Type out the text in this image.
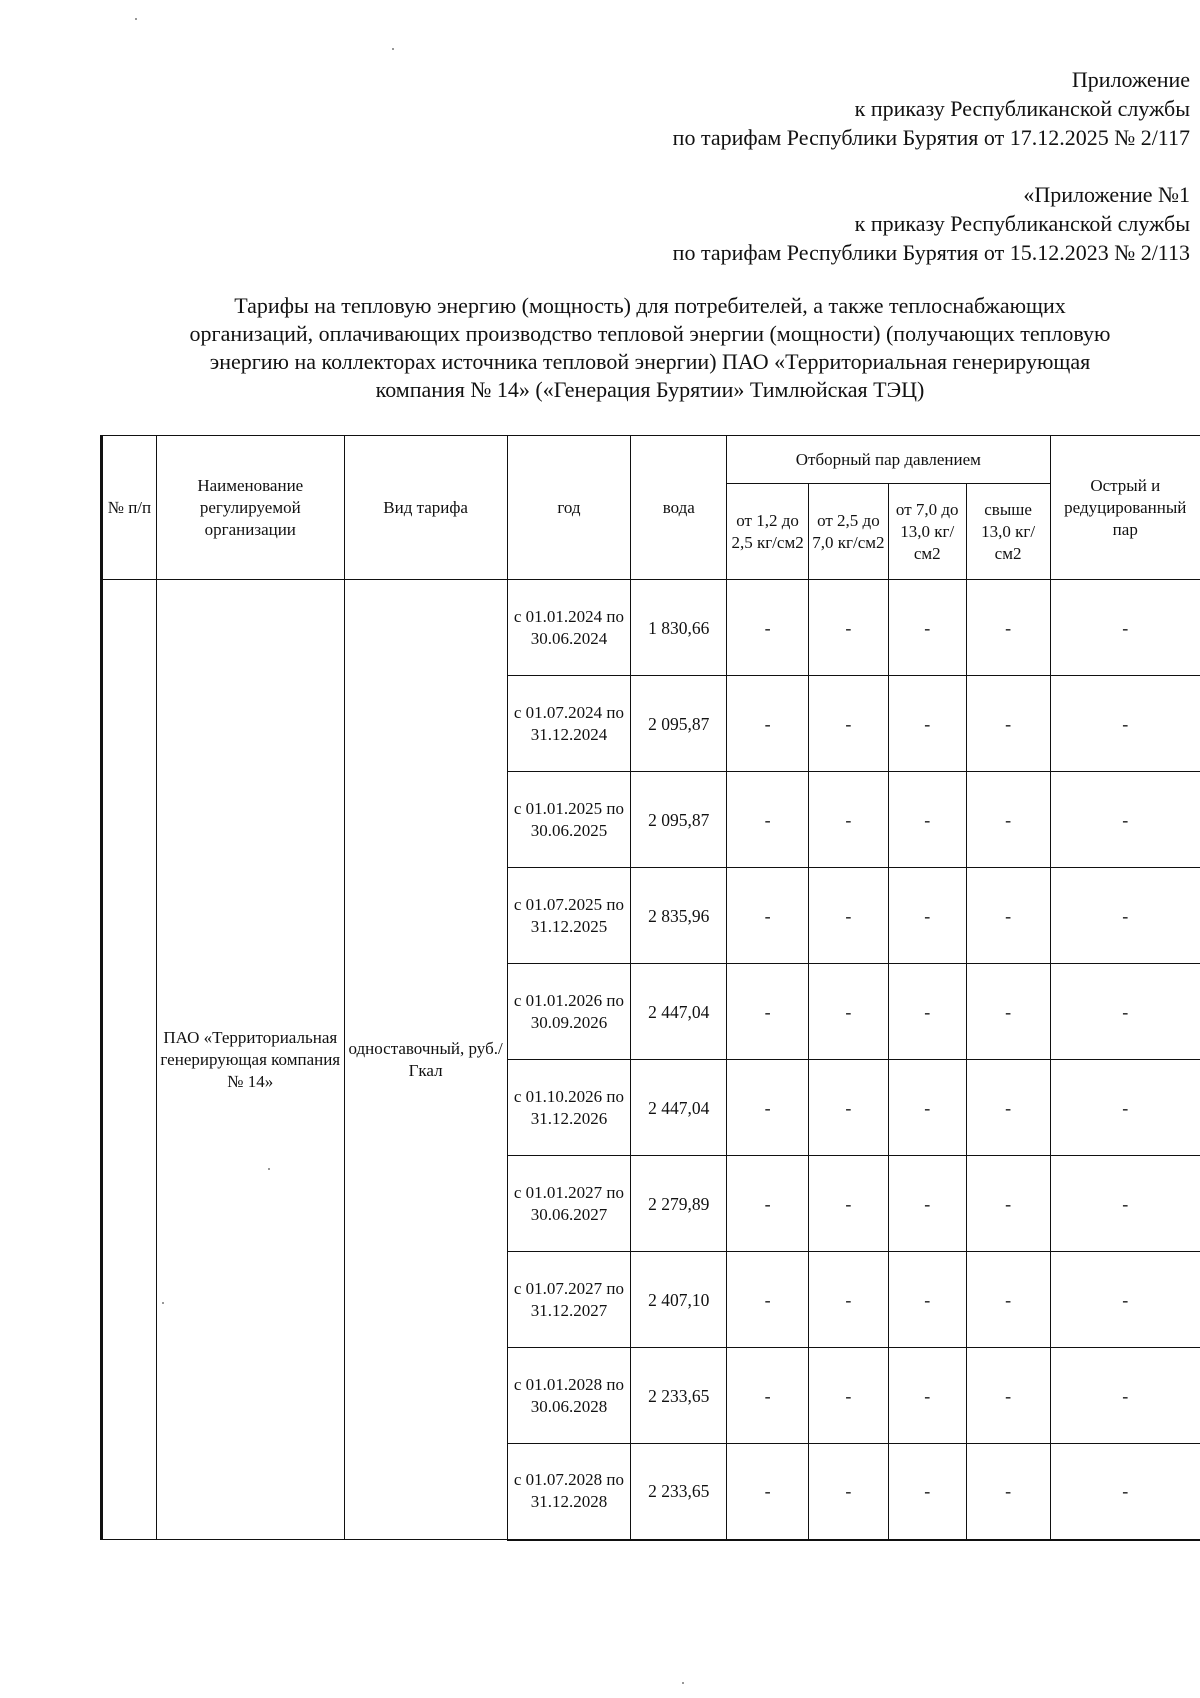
Приложение
к приказу Республиканской службы
по тарифам Республики Бурятия от 17.12.2025 № 2/117
«Приложение №1
к приказу Республиканской службы
по тарифам Республики Бурятия от 15.12.2023 № 2/113
Тарифы на тепловую энергию (мощность) для потребителей, а также теплоснабжающих
организаций, оплачивающих производство тепловой энергии (мощности) (получающих тепловую
энергию на коллекторах источника тепловой энергии) ПАО «Территориальная генерирующая
компания № 14» («Генерация Бурятии» Тимлюйская ТЭЦ)
№ п/п	Наименование регулируемой организации	Вид тарифа	год	вода	Отборный пар давлением				Острый и редуцированный пар
					от 1,2 до 2,5 кг/см2	от 2,5 до 7,0 кг/см2	от 7,0 до 13,0 кг/см2	свыше 13,0 кг/см2	
	ПАО «Территориальная генерирующая компания № 14»	одноставочный, руб./Гкал	с 01.01.2024 по 30.06.2024	1 830,66	-	-	-	-	-
			с 01.07.2024 по 31.12.2024	2 095,87	-	-	-	-	-
			с 01.01.2025 по 30.06.2025	2 095,87	-	-	-	-	-
			с 01.07.2025 по 31.12.2025	2 835,96	-	-	-	-	-
			с 01.01.2026 по 30.09.2026	2 447,04	-	-	-	-	-
			с 01.10.2026 по 31.12.2026	2 447,04	-	-	-	-	-
			с 01.01.2027 по 30.06.2027	2 279,89	-	-	-	-	-
			с 01.07.2027 по 31.12.2027	2 407,10	-	-	-	-	-
			с 01.01.2028 по 30.06.2028	2 233,65	-	-	-	-	-
			с 01.07.2028 по 31.12.2028	2 233,65	-	-	-	-	-
